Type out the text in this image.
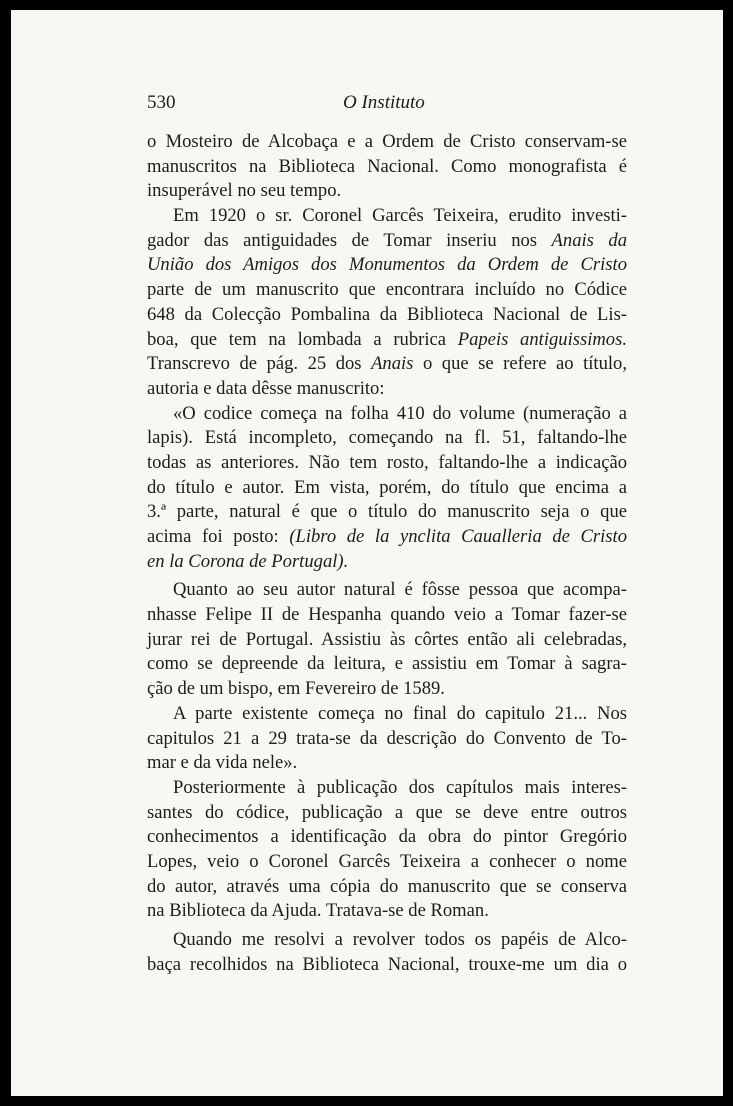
530	O Instituto
o Mosteiro de Alcobaça e a Ordem de Cristo conservam-se
manuscritos na Biblioteca Nacional. Como monografista é
insuperável no seu tempo.
Em 1920 o sr. Coronel Garcês Teixeira, erudito investi-
gador das antiguidades de Tomar inseriu nos Anais da
União dos Amigos dos Monumentos da Ordem de Cristo
parte de um manuscrito que encontrara incluído no Códice
648 da Colecção Pombalina da Biblioteca Nacional de Lis-
boa, que tem na lombada a rubrica Papeis antiguissimos.
Transcrevo de pág. 25 dos Anais o que se refere ao título,
autoria e data dêsse manuscrito:
«O codice começa na folha 410 do volume (numeração a
lapis). Está incompleto, começando na fl. 51, faltando-lhe
todas as anteriores. Não tem rosto, faltando-lhe a indicação
do título e autor. Em vista, porém, do título que encima a
3.ª parte, natural é que o título do manuscrito seja o que
acima foi posto: (Libro de la ynclita Caualleria de Cristo
en la Corona de Portugal).
Quanto ao seu autor natural é fôsse pessoa que acompa-
nhasse Felipe II de Hespanha quando veio a Tomar fazer-se
jurar rei de Portugal. Assistiu às côrtes então ali celebradas,
como se depreende da leitura, e assistiu em Tomar à sagra-
ção de um bispo, em Fevereiro de 1589.
A parte existente começa no final do capitulo 21... Nos
capitulos 21 a 29 trata-se da descrição do Convento de To-
mar e da vida nele».
Posteriormente à publicação dos capítulos mais interes-
santes do códice, publicação a que se deve entre outros
conhecimentos a identificação da obra do pintor Gregório
Lopes, veio o Coronel Garcês Teixeira a conhecer o nome
do autor, através uma cópia do manuscrito que se conserva
na Biblioteca da Ajuda. Tratava-se de Roman.
Quando me resolvi a revolver todos os papéis de Alco-
baça recolhidos na Biblioteca Nacional, trouxe-me um dia o
